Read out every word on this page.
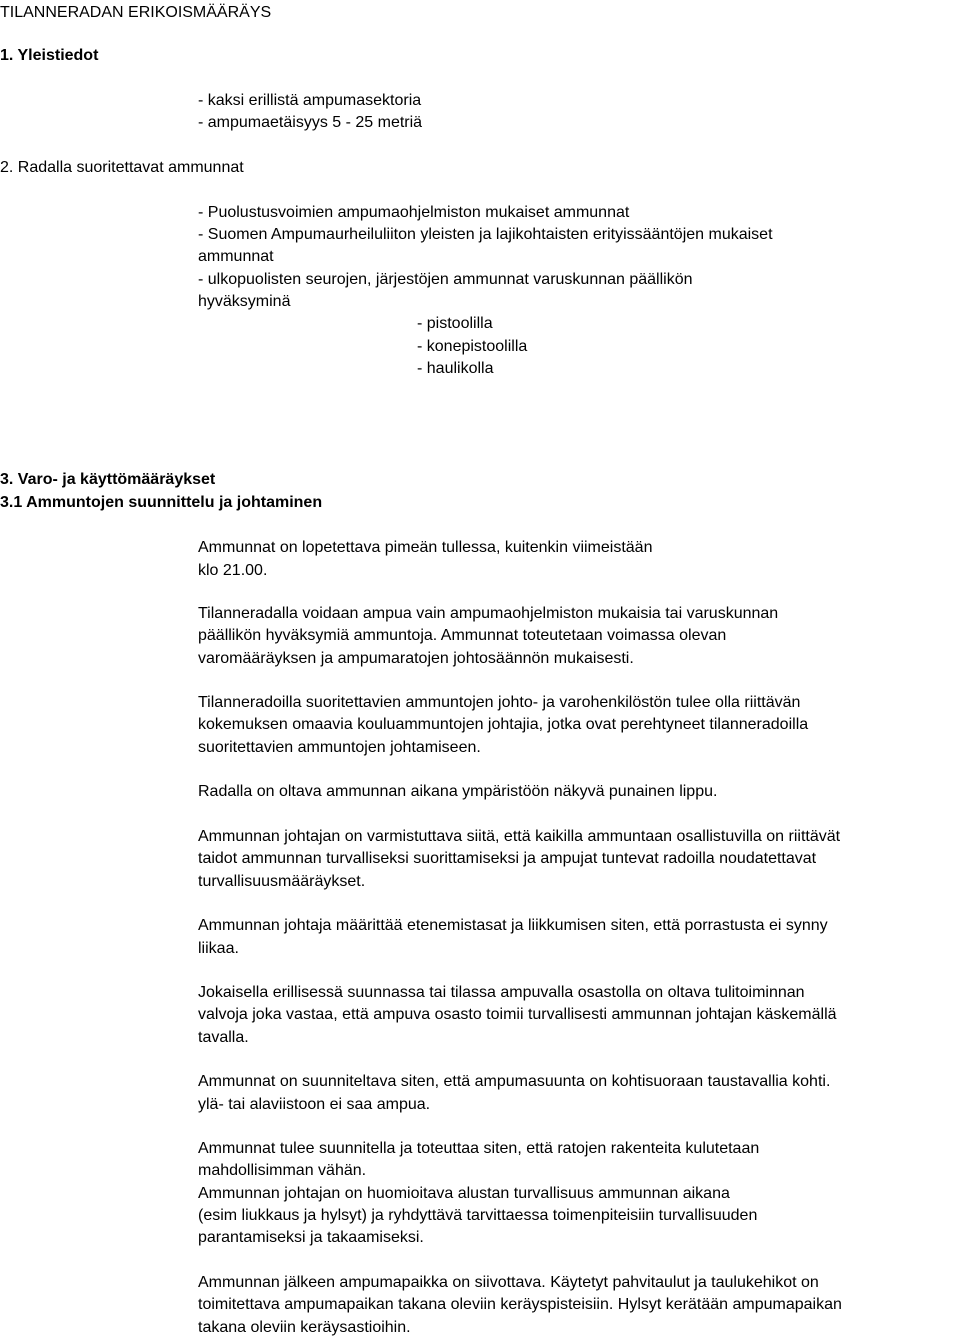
TILANNERADAN ERIKOISMÄÄRÄYS
1. Yleistiedot
- kaksi erillistä ampumasektoria
- ampumaetäisyys 5 - 25 metriä
2. Radalla suoritettavat ammunnat
- Puolustusvoimien ampumaohjelmiston mukaiset ammunnat
- Suomen Ampumaurheiluliiton yleisten ja lajikohtaisten erityissääntöjen mukaiset
ammunnat
- ulkopuolisten seurojen, järjestöjen ammunnat varuskunnan päällikön
hyväksyminä
- pistoolilla
- konepistoolilla
- haulikolla
3. Varo- ja käyttömääräykset
3.1 Ammuntojen suunnittelu ja johtaminen
Ammunnat on lopetettava pimeän tullessa, kuitenkin viimeistään
klo 21.00.
Tilanneradalla voidaan ampua vain ampumaohjelmiston mukaisia tai varuskunnan
päällikön hyväksymiä ammuntoja. Ammunnat toteutetaan voimassa olevan
varomääräyksen ja ampumaratojen johtosäännön mukaisesti.
Tilanneradoilla suoritettavien ammuntojen johto- ja varohenkilöstön tulee olla riittävän
kokemuksen omaavia kouluammuntojen johtajia, jotka ovat perehtyneet tilanneradoilla
suoritettavien ammuntojen johtamiseen.
Radalla on oltava ammunnan aikana ympäristöön näkyvä punainen lippu.
Ammunnan johtajan on varmistuttava siitä, että kaikilla ammuntaan osallistuvilla on riittävät
taidot ammunnan turvalliseksi suorittamiseksi ja ampujat tuntevat radoilla noudatettavat
turvallisuusmääräykset.
Ammunnan johtaja määrittää etenemistasat ja liikkumisen siten, että porrastusta ei synny
liikaa.
Jokaisella erillisessä suunnassa tai tilassa ampuvalla osastolla on oltava tulitoiminnan
valvoja joka vastaa, että ampuva osasto toimii turvallisesti ammunnan johtajan käskemällä
tavalla.
Ammunnat on suunniteltava siten, että ampumasuunta on kohtisuoraan taustavallia kohti.
ylä- tai alaviistoon ei saa ampua.
Ammunnat tulee suunnitella ja toteuttaa siten, että ratojen rakenteita kulutetaan
mahdollisimman vähän.
Ammunnan johtajan on huomioitava alustan turvallisuus ammunnan aikana
(esim liukkaus ja hylsyt) ja ryhdyttävä tarvittaessa toimenpiteisiin turvallisuuden
parantamiseksi ja takaamiseksi.
Ammunnan jälkeen ampumapaikka on siivottava. Käytetyt pahvitaulut ja taulukehikot on
toimitettava ampumapaikan takana oleviin keräyspisteisiin. Hylsyt kerätään ampumapaikan
takana oleviin keräysastioihin.
